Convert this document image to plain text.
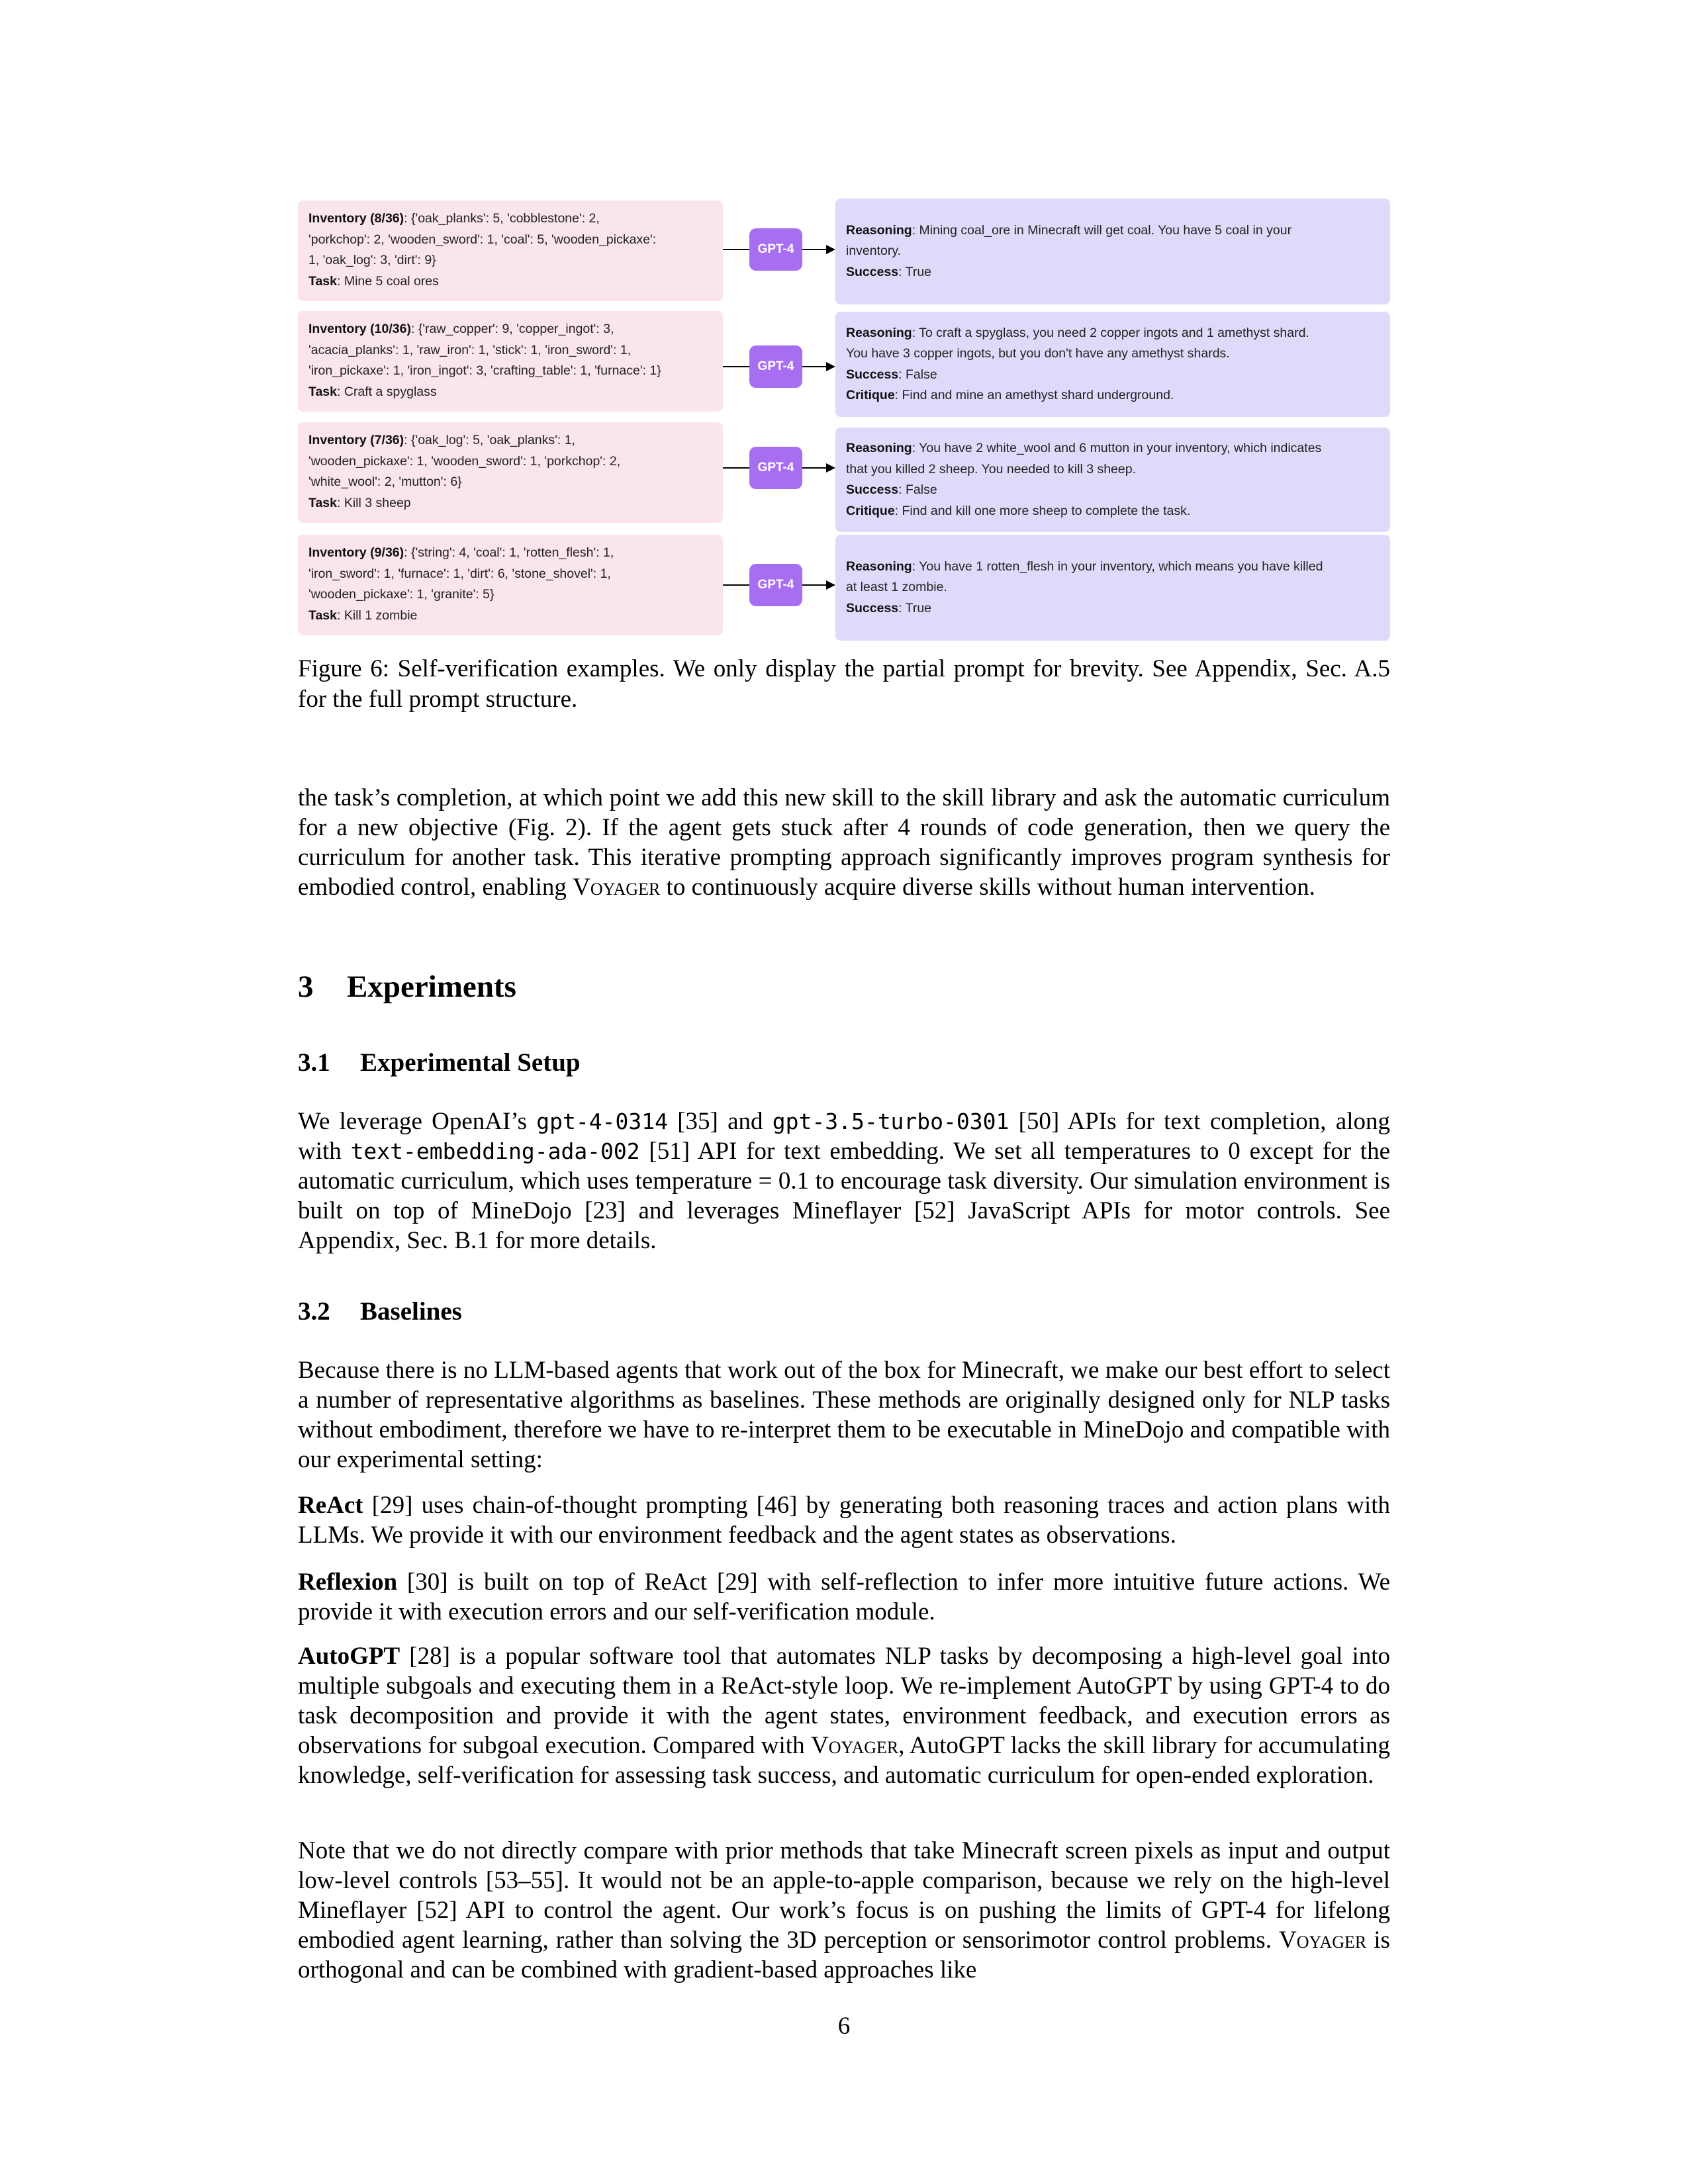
Inventory (8/36): {'oak_planks': 5, 'cobblestone': 2,
'porkchop': 2, 'wooden_sword': 1, 'coal': 5, 'wooden_pickaxe':
1, 'oak_log': 3, 'dirt': 9}
Task: Mine 5 coal ores
GPT-4
Reasoning: Mining coal_ore in Minecraft will get coal. You have 5 coal in your
inventory.
Success: True
Inventory (10/36): {'raw_copper': 9, 'copper_ingot': 3,
'acacia_planks': 1, 'raw_iron': 1, 'stick': 1, 'iron_sword': 1,
'iron_pickaxe': 1, 'iron_ingot': 3, 'crafting_table': 1, 'furnace': 1}
Task: Craft a spyglass
GPT-4
Reasoning: To craft a spyglass, you need 2 copper ingots and 1 amethyst shard.
You have 3 copper ingots, but you don't have any amethyst shards.
Success: False
Critique: Find and mine an amethyst shard underground.
Inventory (7/36): {'oak_log': 5, 'oak_planks': 1,
'wooden_pickaxe': 1, 'wooden_sword': 1, 'porkchop': 2,
'white_wool': 2, 'mutton': 6}
Task: Kill 3 sheep
GPT-4
Reasoning: You have 2 white_wool and 6 mutton in your inventory, which indicates
that you killed 2 sheep. You needed to kill 3 sheep.
Success: False
Critique: Find and kill one more sheep to complete the task.
Inventory (9/36): {'string': 4, 'coal': 1, 'rotten_flesh': 1,
'iron_sword': 1, 'furnace': 1, 'dirt': 6, 'stone_shovel': 1,
'wooden_pickaxe': 1, 'granite': 5}
Task: Kill 1 zombie
GPT-4
Reasoning: You have 1 rotten_flesh in your inventory, which means you have killed
at least 1 zombie.
Success: True
Figure 6: Self-verification examples. We only display the partial prompt for brevity. See Appendix, Sec. A.5 for the full prompt structure.

the task’s completion, at which point we add this new skill to the skill library and ask the automatic curriculum for a new objective (Fig. 2). If the agent gets stuck after 4 rounds of code generation, then we query the curriculum for another task. This iterative prompting approach significantly improves program synthesis for embodied control, enabling Voyager to continuously acquire diverse skills without human intervention.

3 Experiments
3.1 Experimental Setup

We leverage OpenAI’s gpt-4-0314 [35] and gpt-3.5-turbo-0301 [50] APIs for text completion, along with text-embedding-ada-002 [51] API for text embedding. We set all temperatures to 0 except for the automatic curriculum, which uses temperature = 0.1 to encourage task diversity. Our simulation environment is built on top of MineDojo [23] and leverages Mineflayer [52] JavaScript APIs for motor controls. See Appendix, Sec. B.1 for more details.

3.2 Baselines

Because there is no LLM-based agents that work out of the box for Minecraft, we make our best effort to select a number of representative algorithms as baselines. These methods are originally designed only for NLP tasks without embodiment, therefore we have to re-interpret them to be executable in MineDojo and compatible with our experimental setting:

ReAct [29] uses chain-of-thought prompting [46] by generating both reasoning traces and action plans with LLMs. We provide it with our environment feedback and the agent states as observations.

Reflexion [30] is built on top of ReAct [29] with self-reflection to infer more intuitive future actions. We provide it with execution errors and our self-verification module.

AutoGPT [28] is a popular software tool that automates NLP tasks by decomposing a high-level goal into multiple subgoals and executing them in a ReAct-style loop. We re-implement AutoGPT by using GPT-4 to do task decomposition and provide it with the agent states, environment feedback, and execution errors as observations for subgoal execution. Compared with Voyager, AutoGPT lacks the skill library for accumulating knowledge, self-verification for assessing task success, and automatic curriculum for open-ended exploration.

Note that we do not directly compare with prior methods that take Minecraft screen pixels as input and output low-level controls [53–55]. It would not be an apple-to-apple comparison, because we rely on the high-level Mineflayer [52] API to control the agent. Our work’s focus is on pushing the limits of GPT-4 for lifelong embodied agent learning, rather than solving the 3D perception or sensorimotor control problems. Voyager is orthogonal and can be combined with gradient-based approaches like

6
